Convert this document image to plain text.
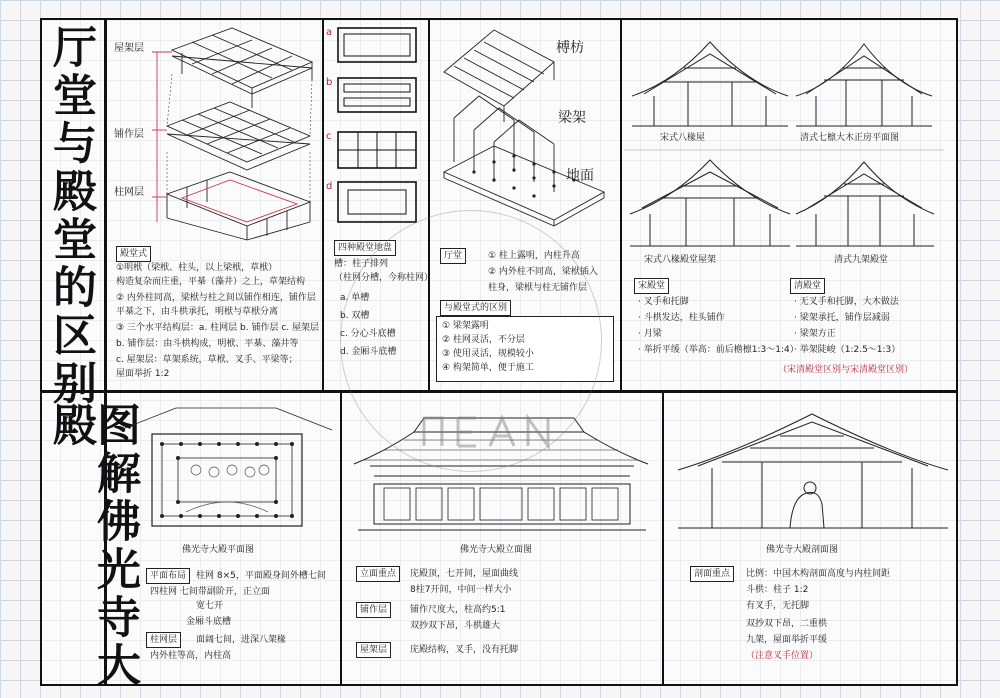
厅堂与殿堂的区别
图解佛光寺大殿
屋架层
铺作层
柱网层
殿堂式
①明栿（梁栿、柱头，以上梁栿，草栿）
构造复杂而庄重，平棊（藻井）之上，草架结构
② 内外柱同高，梁栿与柱之间以铺作相连，铺作层
平棊之下，由斗栱承托，明栿与草栿分离
③ 三个水平结构层：a. 柱网层 b. 铺作层 c. 屋架层
b. 铺作层：由斗栱构成，明栿、平棊、藻井等
c. 屋架层：草架系统，草栿、叉手、平梁等；
屋面举折 1:2
a
b
c
d
四种殿堂地盘
槽：柱子排列
（柱网分槽，今称柱网）
a. 单槽
b. 双槽
c. 分心斗底槽
d. 金厢斗底槽
榑枋
梁架
地面
厅堂	① 柱上露明，内柱升高
② 内外柱不同高，梁栿插入
柱身，梁栿与柱无铺作层
与殿堂式的区别
① 梁架露明
② 柱网灵活，不分层
③ 使用灵活，规模较小
④ 构架简单，便于施工
宋式八椽屋	清式七檩大木正房平面图
宋式八椽殿堂屋架	清式九架殿堂
宋殿堂
· 叉手和托脚
· 斗栱发达，柱头铺作
· 月梁
· 举折平缓（举高：前后檐檩1:3～1:4）
清殿堂
· 无叉手和托脚，大木做法
· 梁架承托，铺作层减弱
· 梁架方正
· 举架陡峻（1:2.5～1:3）
（宋清殿堂区别与宋清殿堂区别）
佛光寺大殿平面图
平面布局	柱网 8×5，平面殿身间外槽七间
四柱网 七间带副阶开，正立面
宽七开
金厢斗底槽
柱网层	面阔七间，进深八架椽
内外柱等高，内柱高
佛光寺大殿立面图
立面重点	庑殿顶，七开间，屋面曲线
8柱7开间，中间一样大小
铺作层	铺作尺度大，柱高约5:1
双抄双下昂，斗栱雄大
屋架层	庑殿结构，叉手，没有托脚
佛光寺大殿剖面图
剖面重点	比例：中国木构剖面高度与内柱间距
斗栱：柱子 1:2
有叉手，无托脚
双抄双下昂，二重栱
九架，屋面举折平缓
（注意叉手位置）
